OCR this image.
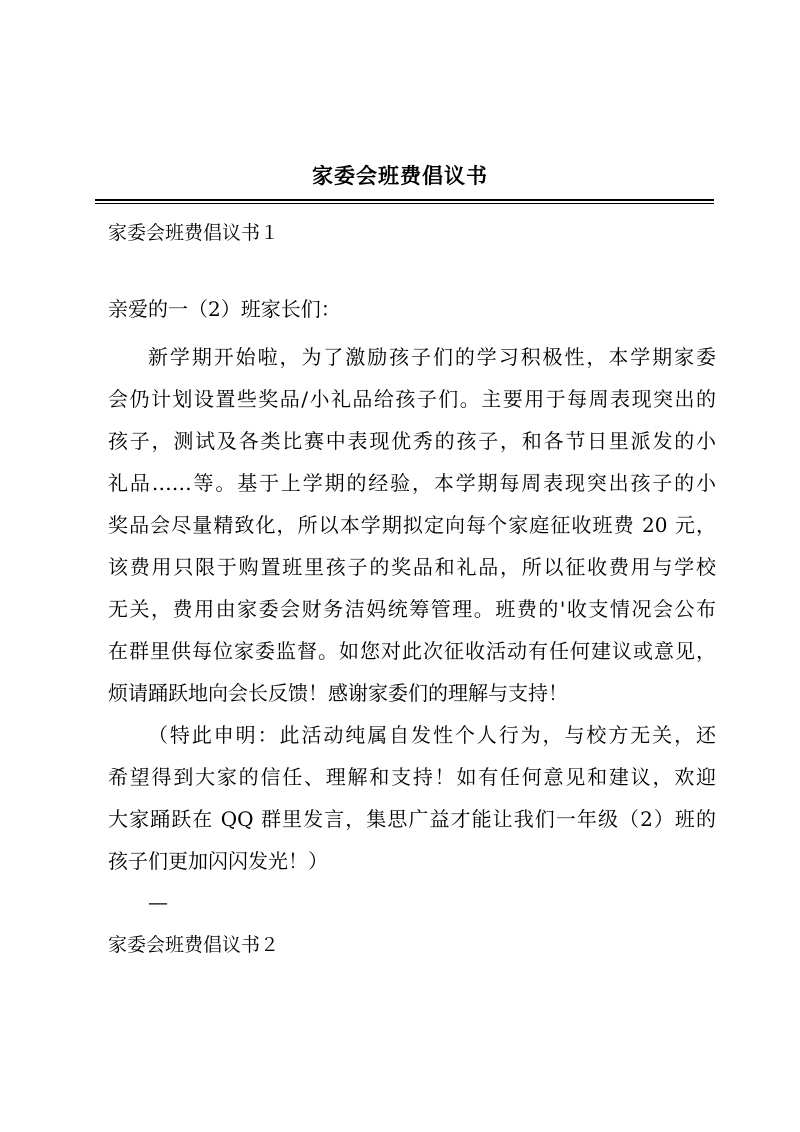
家委会班费倡议书
家委会班费倡议书１
亲爱的一（2）班家长们：
新学期开始啦，为了激励孩子们的学习积极性，本学期家委
会仍计划设置些奖品/小礼品给孩子们。主要用于每周表现突出的
孩子，测试及各类比赛中表现优秀的孩子，和各节日里派发的小
礼品……等。基于上学期的经验，本学期每周表现突出孩子的小
奖品会尽量精致化，所以本学期拟定向每个家庭征收班费 20 元，
该费用只限于购置班里孩子的奖品和礼品，所以征收费用与学校
无关，费用由家委会财务洁妈统筹管理。班费的'收支情况会公布
在群里供每位家委监督。如您对此次征收活动有任何建议或意见，
烦请踊跃地向会长反馈！感谢家委们的理解与支持！
（特此申明：此活动纯属自发性个人行为，与校方无关，还
希望得到大家的信任、理解和支持！如有任何意见和建议，欢迎
大家踊跃在 QQ 群里发言，集思广益才能让我们一年级（2）班的
孩子们更加闪闪发光！）
—
家委会班费倡议书２
